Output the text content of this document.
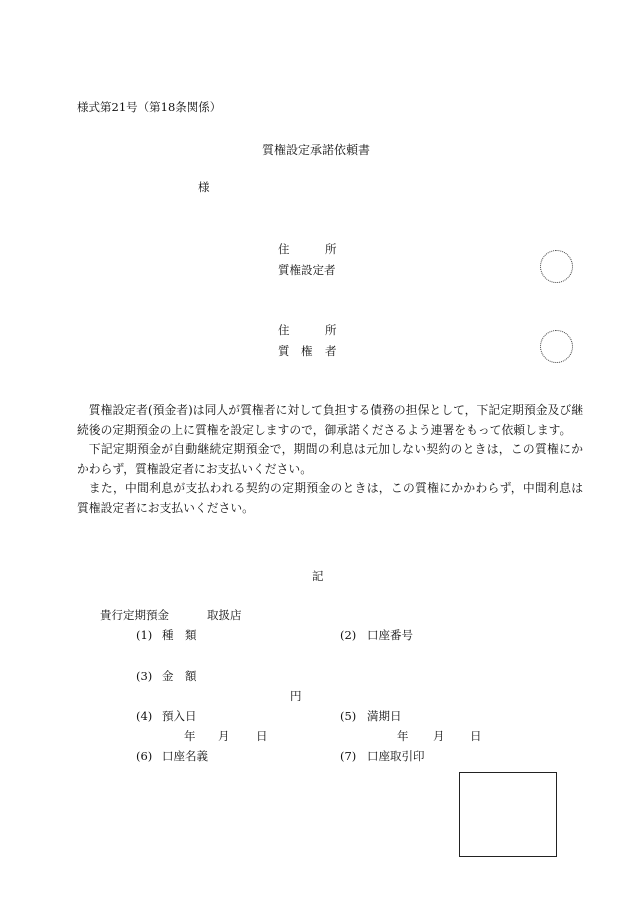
様式第21号（第18条関係）
質権設定承諾依頼書
様
住	所
質権設定者
住	所
質 権 者

質権設定者(預金者)は同人が質権者に対して負担する債務の担保として，下記定期預金及び継続後の定期預金の上に質権を設定しますので，御承諾くださるよう連署をもって依頼します。

下記定期預金が自動継続定期預金で，期間の利息は元加しない契約のときは，この質権にかかわらず，質権設定者にお支払いください。

また，中間利息が支払われる契約の定期預金のときは，この質権にかかわらず，中間利息は質権設定者にお支払いください。

記
貴行定期預金	取扱店
(1) 種 類	(2) 口座番号
(3) 金 額
円
(4) 預入日	(5) 満期日
年 月 日	年 月 日
(6) 口座名義	(7) 口座取引印
